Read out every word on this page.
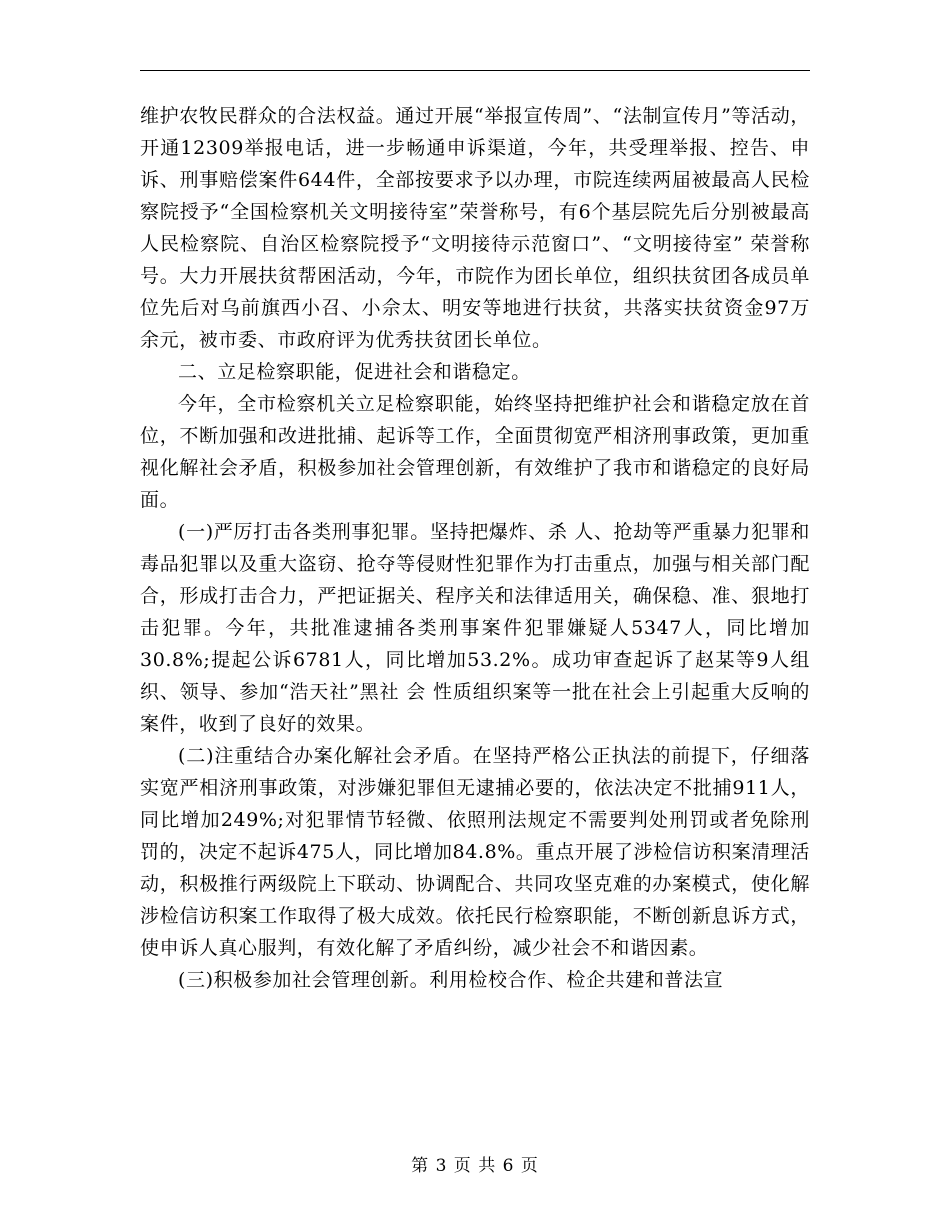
维护农牧民群众的合法权益。通过开展“举报宣传周”、“法制宣传月”等活动，开通12309举报电话，进一步畅通申诉渠道，今年，共受理举报、控告、申诉、刑事赔偿案件644件，全部按要求予以办理，市院连续两届被最高人民检察院授予“全国检察机关文明接待室”荣誉称号，有6个基层院先后分别被最高人民检察院、自治区检察院授予“文明接待示范窗口”、“文明接待室” 荣誉称号。大力开展扶贫帮困活动，今年，市院作为团长单位，组织扶贫团各成员单位先后对乌前旗西小召、小佘太、明安等地进行扶贫，共落实扶贫资金97万余元，被市委、市政府评为优秀扶贫团长单位。

二、立足检察职能，促进社会和谐稳定。

今年，全市检察机关立足检察职能，始终坚持把维护社会和谐稳定放在首位，不断加强和改进批捕、起诉等工作，全面贯彻宽严相济刑事政策，更加重视化解社会矛盾，积极参加社会管理创新，有效维护了我市和谐稳定的良好局面。

(一)严厉打击各类刑事犯罪。坚持把爆炸、杀 人、抢劫等严重暴力犯罪和毒品犯罪以及重大盗窃、抢夺等侵财性犯罪作为打击重点，加强与相关部门配合，形成打击合力，严把证据关、程序关和法律适用关，确保稳、准、狠地打击犯罪。今年，共批准逮捕各类刑事案件犯罪嫌疑人5347人，同比增加30.8%;提起公诉6781人，同比增加53.2%。成功审查起诉了赵某等9人组织、领导、参加“浩天社”黑社 会 性质组织案等一批在社会上引起重大反响的案件，收到了良好的效果。

(二)注重结合办案化解社会矛盾。在坚持严格公正执法的前提下，仔细落实宽严相济刑事政策，对涉嫌犯罪但无逮捕必要的，依法决定不批捕911人，同比增加249%;对犯罪情节轻微、依照刑法规定不需要判处刑罚或者免除刑罚的，决定不起诉475人，同比增加84.8%。重点开展了涉检信访积案清理活动，积极推行两级院上下联动、协调配合、共同攻坚克难的办案模式，使化解涉检信访积案工作取得了极大成效。依托民行检察职能，不断创新息诉方式，使申诉人真心服判，有效化解了矛盾纠纷，减少社会不和谐因素。

(三)积极参加社会管理创新。利用检校合作、检企共建和普法宣

第 3 页 共 6 页
